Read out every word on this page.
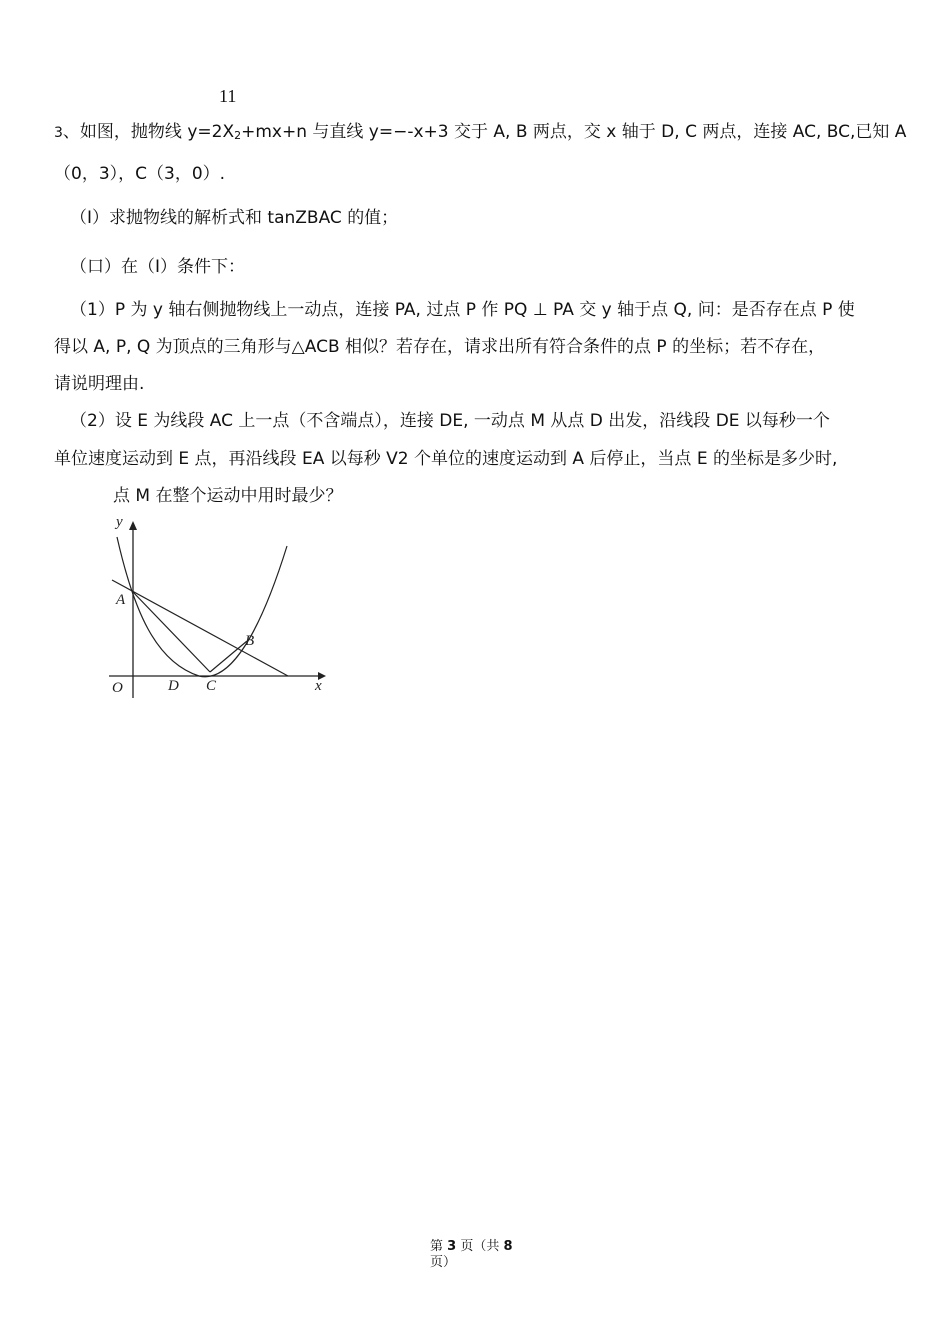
11
3、如图，抛物线 $y=2X_2+mx+n$ 与直线 y=−-x+3 交于 A, B 两点，交 x 轴于 D, C 两点，连接 AC, BC,已知 A
（0，3），C（3，0）.
（I）求抛物线的解析式和 tanZBAC 的值；
（口）在（I）条件下：
（1）P 为 y 轴右侧抛物线上一动点，连接 PA, 过点 P 作 PQ ⊥ PA 交 y 轴于点 Q, 问：是否存在点 P 使
得以 A, P, Q 为顶点的三角形与△ACB 相似？若存在，请求出所有符合条件的点 P 的坐标；若不存在，
请说明理由.
（2）设 E 为线段 AC 上一点（不含端点），连接 DE, 一动点 M 从点 D 出发，沿线段 DE 以每秒一个
单位速度运动到 E 点，再沿线段 EA 以每秒 V2 个单位的速度运动到 A 后停止，当点 E 的坐标是多少时,
点 M 在整个运动中用时最少？
y
x
A
B
C
D
O
第 3 页（共 8
页）
